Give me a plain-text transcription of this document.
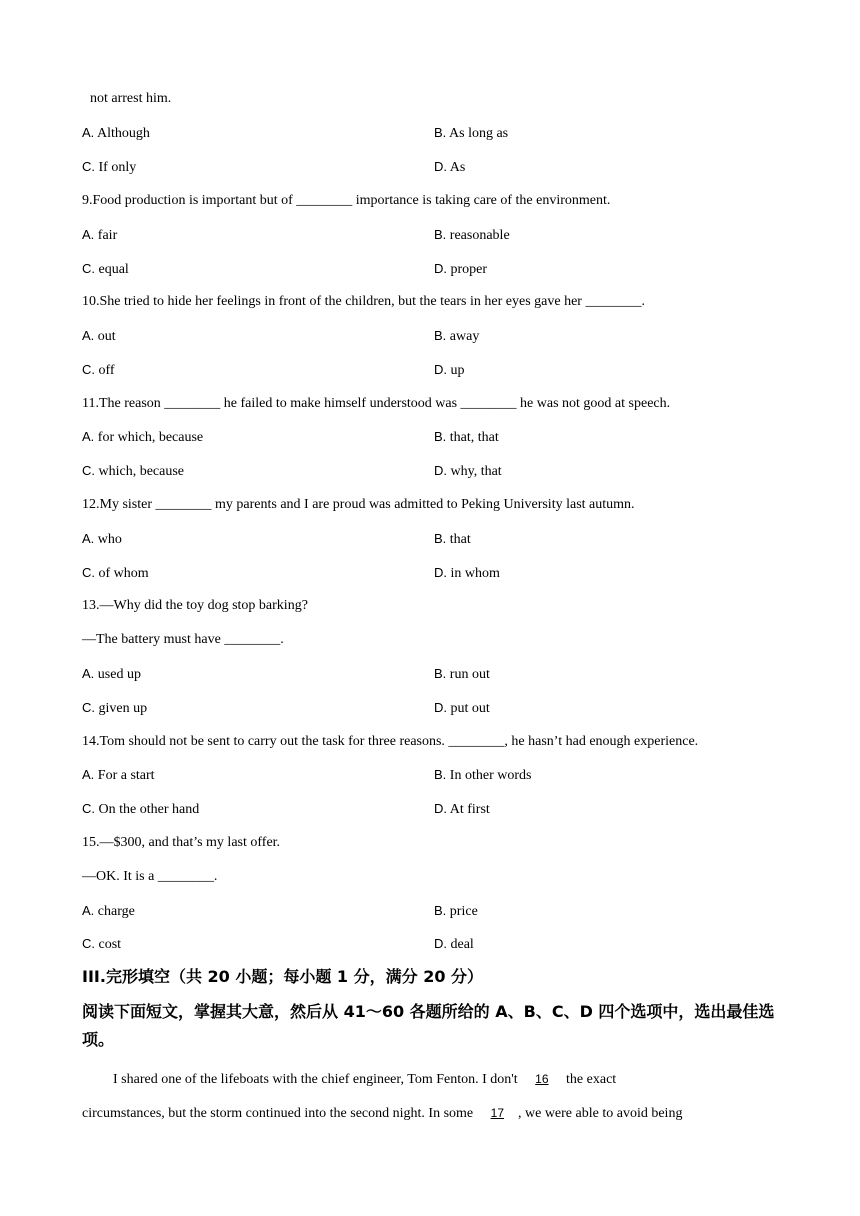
not arrest him.
A. Although	B. As long as
C. If only	D. As
9.Food production is important but of ________ importance is taking care of the environment.
A. fair	B. reasonable
C. equal	D. proper
10.She tried to hide her feelings in front of the children, but the tears in her eyes gave her ________.
A. out	B. away
C. off	D. up
11.The reason ________ he failed to make himself understood was ________ he was not good at speech.
A. for which, because	B. that, that
C. which, because	D. why, that
12.My sister ________ my parents and I are proud was admitted to Peking University last autumn.
A. who	B. that
C. of whom	D. in whom
13.—Why did the toy dog stop barking?
—The battery must have ________.
A. used up	B. run out
C. given up	D. put out
14.Tom should not be sent to carry out the task for three reasons. ________, he hasn’t had enough experience.
A. For a start	B. In other words
C. On the other hand	D. At first
15.—$300, and that’s my last offer.
—OK. It is a ________.
A. charge	B. price
C. cost	D. deal
III.完形填空（共 20 小题；每小题 1 分，满分 20 分）
阅读下面短文，掌握其大意，然后从 41～60 各题所给的 A、B、C、D 四个选项中，选出最佳选项。
I shared one of the lifeboats with the chief engineer, Tom Fenton. I don't 16 the exact
circumstances, but the storm continued into the second night. In some 17 , we were able to avoid being
